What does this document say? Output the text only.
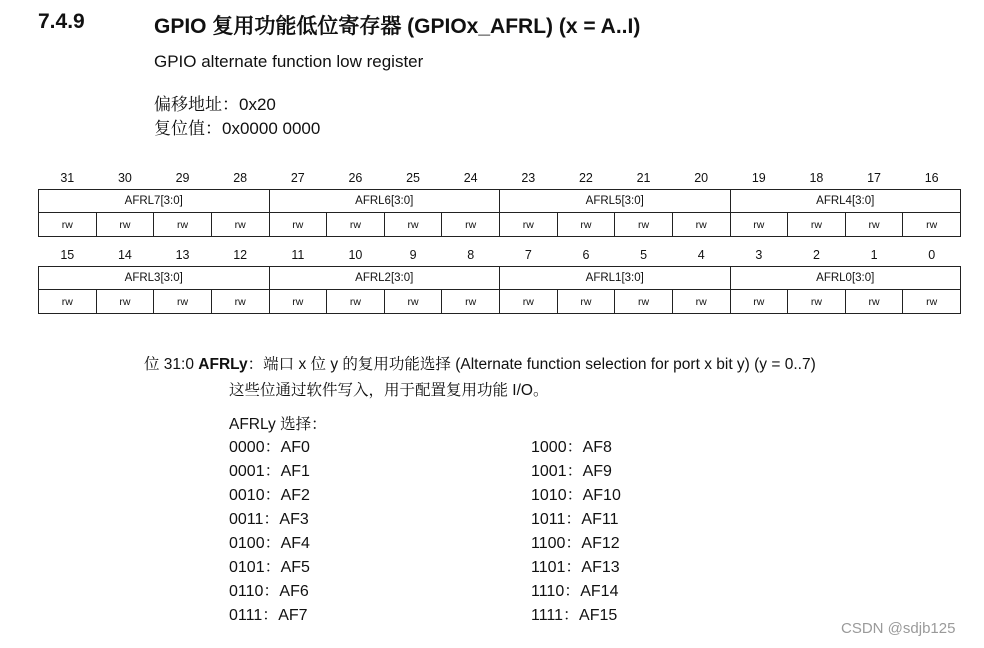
7.4.9	GPIO 复用功能低位寄存器 (GPIOx_AFRL) (x = A..I)
GPIO alternate function low register
偏移地址：0x20
复位值：0x0000 0000
31	30	29	28	27	26	25	24	23	22	21	20	19	18	17	16
AFRL7[3:0]				AFRL6[3:0]				AFRL5[3:0]				AFRL4[3:0]			
rw	rw	rw	rw	rw	rw	rw	rw	rw	rw	rw	rw	rw	rw	rw	rw
15	14	13	12	11	10	9	8	7	6	5	4	3	2	1	0
AFRL3[3:0]				AFRL2[3:0]				AFRL1[3:0]				AFRL0[3:0]			
rw	rw	rw	rw	rw	rw	rw	rw	rw	rw	rw	rw	rw	rw	rw	rw
位 31:0 AFRLy：端口 x 位 y 的复用功能选择 (Alternate function selection for port x bit y) (y = 0..7)
这些位通过软件写入，用于配置复用功能 I/O。
AFRLy 选择：
0000：AF0
0001：AF1
0010：AF2
0011：AF3
0100：AF4
0101：AF5
0110：AF6
0111：AF7
1000：AF8
1001：AF9
1010：AF10
1011：AF11
1100：AF12
1101：AF13
1110：AF14
1111：AF15
CSDN @sdjb125
